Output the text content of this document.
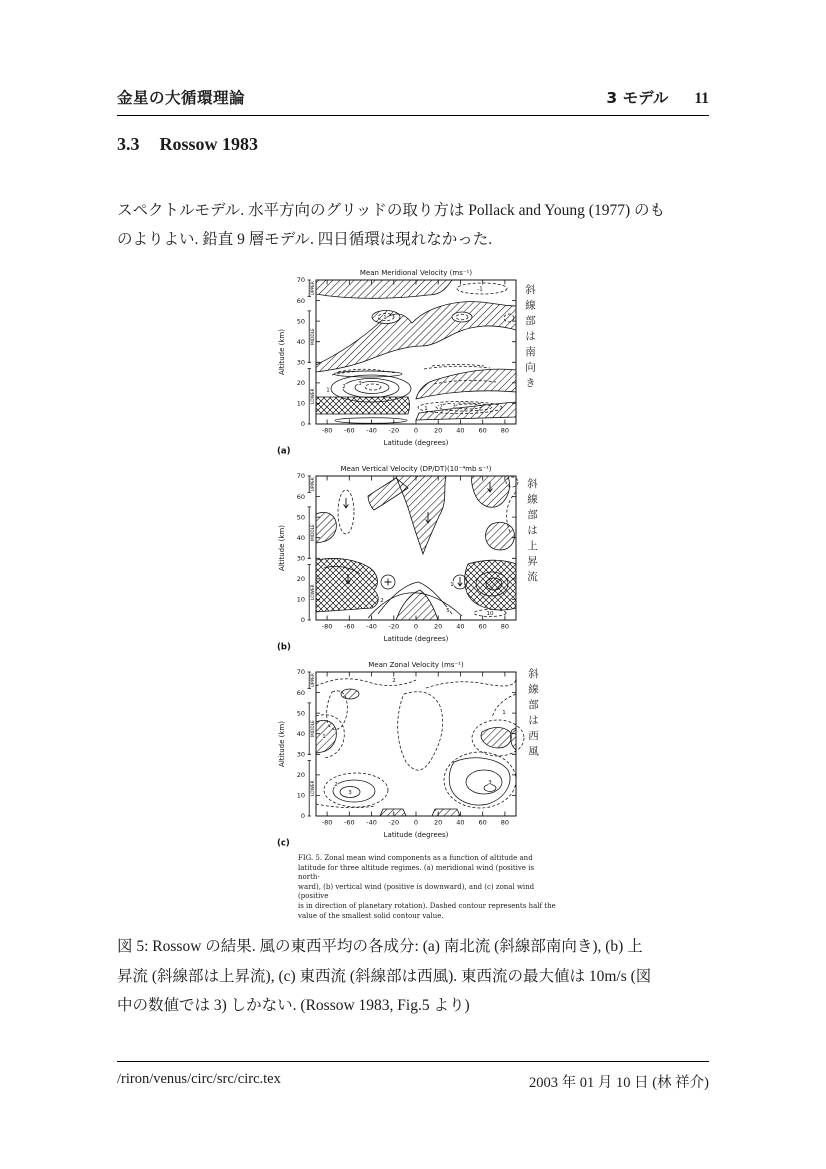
金星の大循環理論	3 モデル 11
3.3 Rossow 1983
スペクトルモデル. 水平方向のグリッドの取り方は Pollack and Young (1977) のも
のよりよい. 鉛直 9 層モデル. 四日循環は現れなかった.
Mean Meridional Velocity (ms⁻¹)
1
2 3
-1
1
1 2 3
0
10
20
30
40
50
60
70
-80 -60 -40 -20 0 20 40 60 80
UPPER
MIDDLE
LOWER
Altitude (km)
Latitude (degrees)
(a)
Mean Vertical Velocity (DP/DT)(10⁻⁴mb s⁻¹)
1
2
5	10
0
10
20
30
40
50
60
70
-80 -60 -40 -20 0 20 40 60 80
UPPER
MIDDLE
LOWER
Altitude (km)
Latitude (degrees)
(b)
Mean Zonal Velocity (ms⁻¹)
1
2
1
2
3
3
0
10
20
30
40
50
60
70
-80 -60 -40 -20 0 20 40 60 80
UPPER
MIDDLE
LOWER
Altitude (km)
Latitude (degrees)
(c)
斜線部は南向き
斜線部は上昇流
斜線部は西風
FIG. 5. Zonal mean wind components as a function of altitude and
latitude for three altitude regimes. (a) meridional wind (positive is north-
ward), (b) vertical wind (positive is downward), and (c) zonal wind (positive
is in direction of planetary rotation). Dashed contour represents half the
value of the smallest solid contour value.
図 5: Rossow の結果. 風の東西平均の各成分: (a) 南北流 (斜線部南向き), (b) 上
昇流 (斜線部は上昇流), (c) 東西流 (斜線部は西風). 東西流の最大値は 10m/s (図
中の数値では 3) しかない. (Rossow 1983, Fig.5 より)
/riron/venus/circ/src/circ.tex	2003 年 01 月 10 日 (林 祥介)
